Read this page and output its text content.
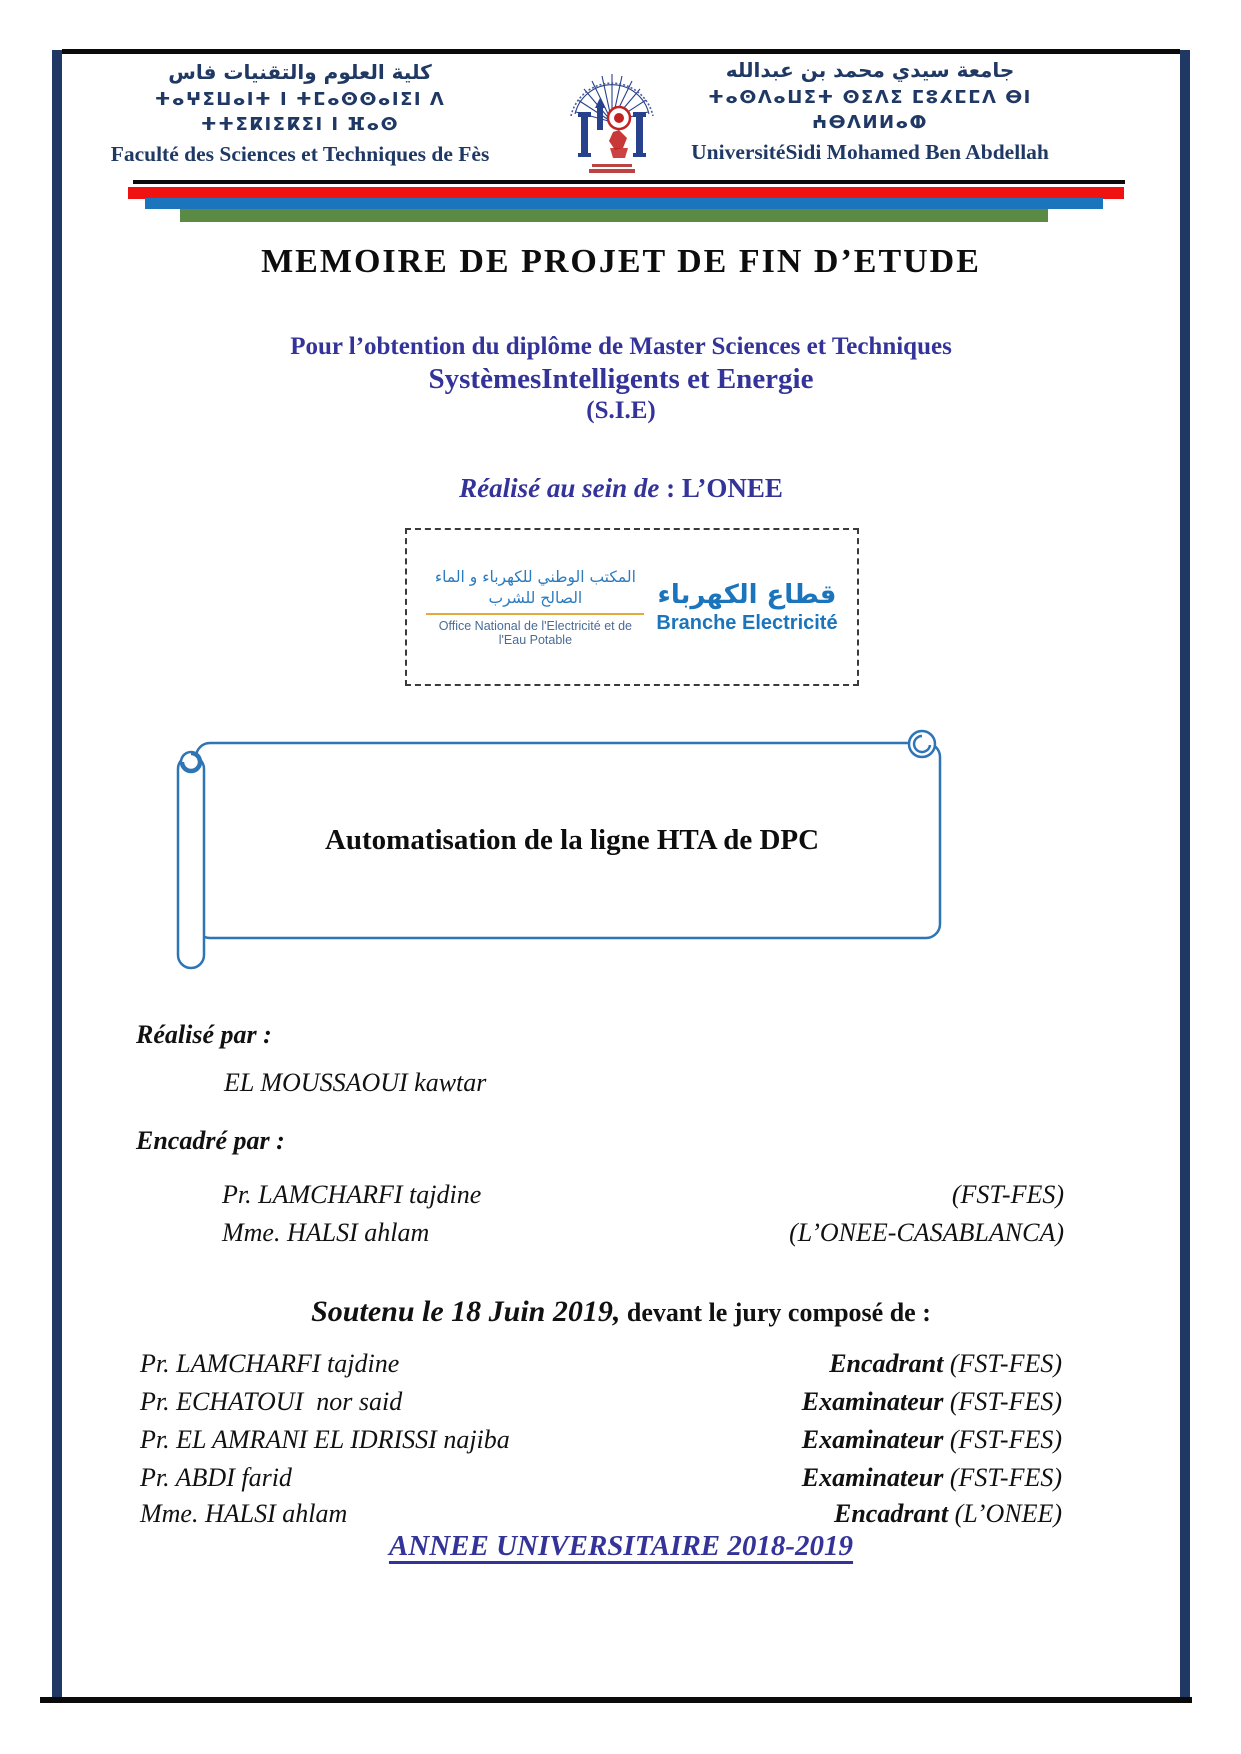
كلية العلوم والتقنيات فاس
ⵜⴰⵖⵉⵡⴰⵏⵜ ⵏ ⵜⵎⴰⵙⵙⴰⵏⵉⵏ ⴷ ⵜⵜⵉⴽⵏⵉⴽⵉⵏ ⵏ ⴼⴰⵙ
Faculté des Sciences et Techniques de Fès
جامعة سيدي محمد بن عبدالله
ⵜⴰⵙⴷⴰⵡⵉⵜ ⵙⵉⴷⵉ ⵎⵓⵃⵎⵎⴷ ⴱⵏ ⵄⴱⴷⵍⵍⴰⵀ
UniversitéSidi Mohamed Ben Abdellah
MEMOIRE DE PROJET DE FIN D’ETUDE
Pour l’obtention du diplôme de Master Sciences et Techniques
SystèmesIntelligents et Energie
(S.I.E)
Réalisé au sein de : L’ONEE
المكتب الوطني للكهرباء و الماء الصالح للشرب
Office National de l'Electricité et de l'Eau Potable
قطاع الكهرباء
Branche Electricité
Automatisation de la ligne HTA de DPC
Réalisé par :
EL MOUSSAOUI kawtar
Encadré par :
Pr. LAMCHARFI tajdine	(FST-FES)
Mme. HALSI ahlam	(L’ONEE-CASABLANCA)
Soutenu le 18 Juin 2019, devant le jury composé de :
Pr. LAMCHARFI tajdine	Encadrant (FST-FES)
Pr. ECHATOUI  nor said	Examinateur (FST-FES)
Pr. EL AMRANI EL IDRISSI najiba	Examinateur (FST-FES)
Pr. ABDI farid	Examinateur (FST-FES)
Mme. HALSI ahlam	Encadrant (L’ONEE)
ANNEE UNIVERSITAIRE 2018-2019
